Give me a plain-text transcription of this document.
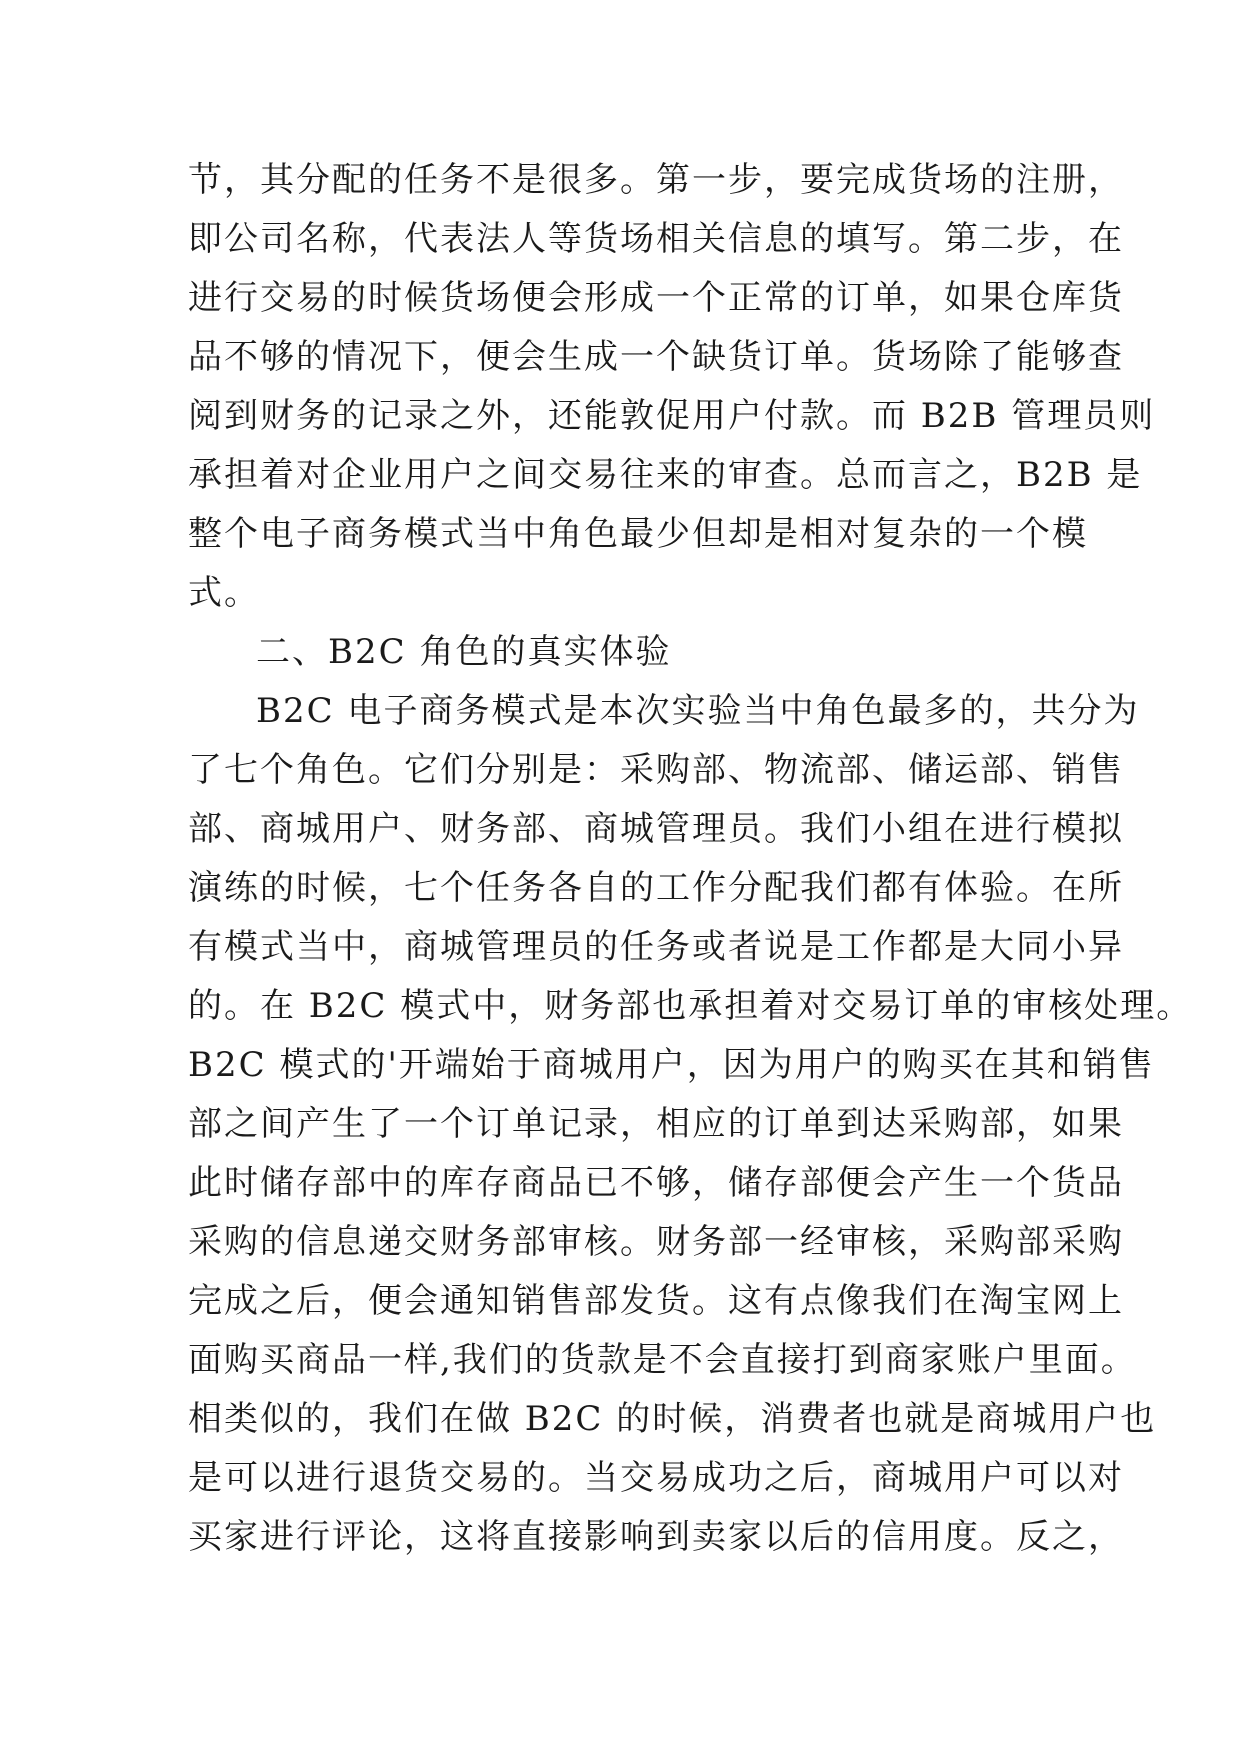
节，其分配的任务不是很多。第一步，要完成货场的注册，
即公司名称，代表法人等货场相关信息的填写。第二步，在
进行交易的时候货场便会形成一个正常的订单，如果仓库货
品不够的情况下，便会生成一个缺货订单。货场除了能够查
阅到财务的记录之外，还能敦促用户付款。而 B2B 管理员则
承担着对企业用户之间交易往来的审查。总而言之，B2B 是
整个电子商务模式当中角色最少但却是相对复杂的一个模
式。
二、B2C 角色的真实体验
B2C 电子商务模式是本次实验当中角色最多的，共分为
了七个角色。它们分别是：采购部、物流部、储运部、销售
部、商城用户、财务部、商城管理员。我们小组在进行模拟
演练的时候，七个任务各自的工作分配我们都有体验。在所
有模式当中，商城管理员的任务或者说是工作都是大同小异
的。在 B2C 模式中，财务部也承担着对交易订单的审核处理。
B2C 模式的'开端始于商城用户，因为用户的购买在其和销售
部之间产生了一个订单记录，相应的订单到达采购部，如果
此时储存部中的库存商品已不够，储存部便会产生一个货品
采购的信息递交财务部审核。财务部一经审核，采购部采购
完成之后，便会通知销售部发货。这有点像我们在淘宝网上
面购买商品一样,我们的货款是不会直接打到商家账户里面。
相类似的，我们在做 B2C 的时候，消费者也就是商城用户也
是可以进行退货交易的。当交易成功之后，商城用户可以对
买家进行评论，这将直接影响到卖家以后的信用度。反之，
